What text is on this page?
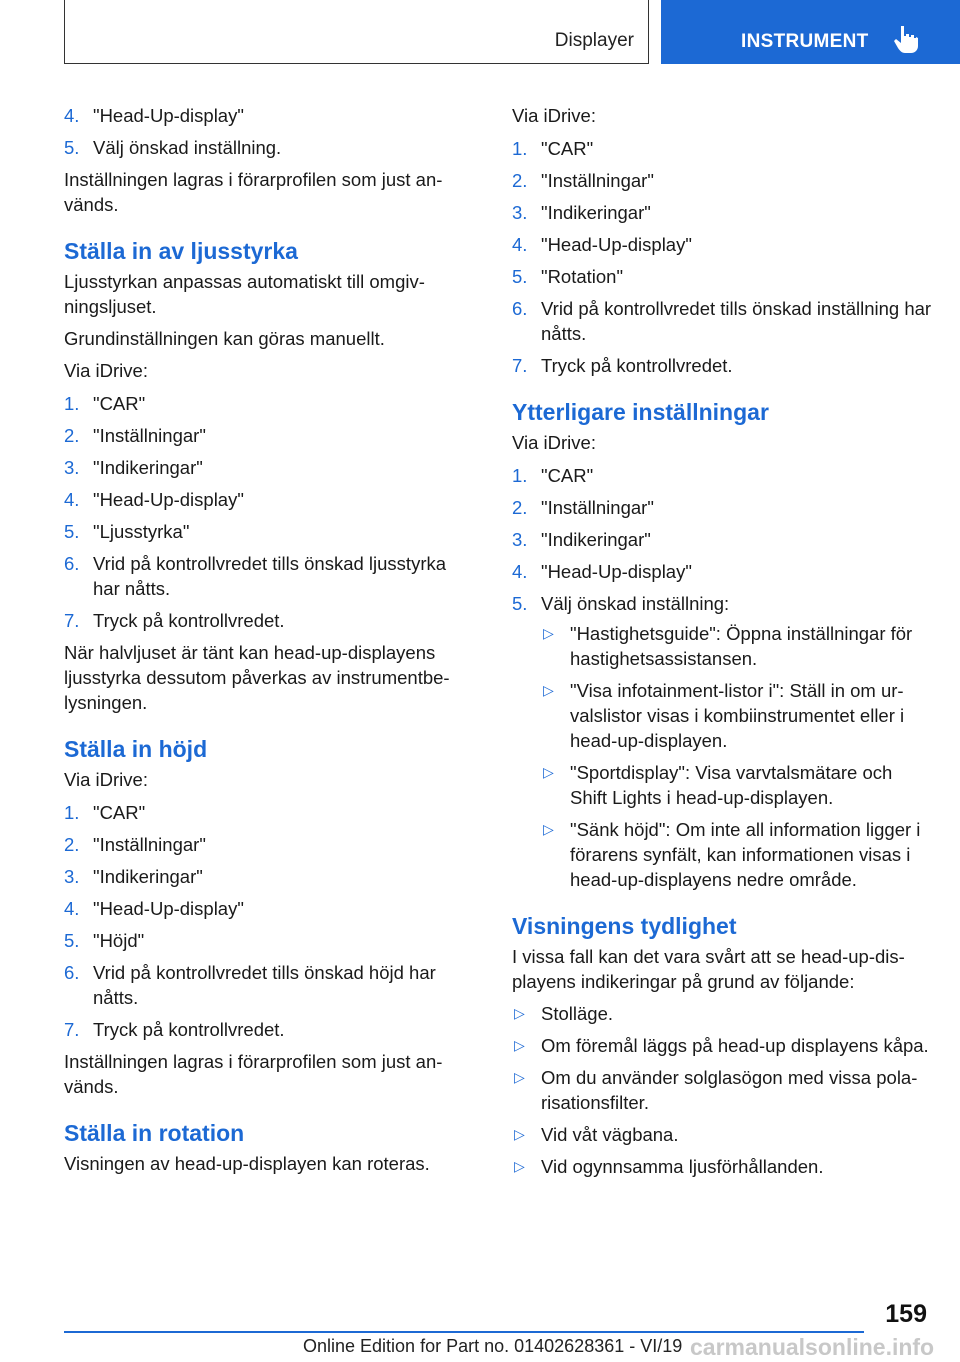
Displayer	INSTRUMENT
4. "Head-Up-display"
5. Välj önskad inställning.

Inställningen lagras i förarprofilen som just används.

Ställa in av ljusstyrka

Ljusstyrkan anpassas automatiskt till omgivningsljuset.

Grundinställningen kan göras manuellt.

Via iDrive:

1. "CAR"
2. "Inställningar"
3. "Indikeringar"
4. "Head-Up-display"
5. "Ljusstyrka"
6. Vrid på kontrollvredet tills önskad ljusstyrka har nåtts.
7. Tryck på kontrollvredet.

När halvljuset är tänt kan head-up-displayens ljusstyrka dessutom påverkas av instrumentbelysningen.

Ställa in höjd

Via iDrive:

1. "CAR"
2. "Inställningar"
3. "Indikeringar"
4. "Head-Up-display"
5. "Höjd"
6. Vrid på kontrollvredet tills önskad höjd har nåtts.
7. Tryck på kontrollvredet.

Inställningen lagras i förarprofilen som just används.

Ställa in rotation

Visningen av head-up-displayen kan roteras.

Via iDrive:

1. "CAR"
2. "Inställningar"
3. "Indikeringar"
4. "Head-Up-display"
5. "Rotation"
6. Vrid på kontrollvredet tills önskad inställning har nåtts.
7. Tryck på kontrollvredet.
Ytterligare inställningar

Via iDrive:

1. "CAR"
2. "Inställningar"
3. "Indikeringar"
4. "Head-Up-display"
5. Välj önskad inställning:
▷ "Hastighetsguide": Öppna inställningar för hastighetsassistansen.
▷ "Visa infotainment-listor i": Ställ in om urvalslistor visas i kombiinstrumentet eller i head-up-displayen.
▷ "Sportdisplay": Visa varvtalsmätare och Shift Lights i head-up-displayen.
▷ "Sänk höjd": Om inte all information ligger i förarens synfält, kan informationen visas i head-up-displayens nedre område.
Visningens tydlighet

I vissa fall kan det vara svårt att se head-up-displayens indikeringar på grund av följande:

▷ Stolläge.
▷ Om föremål läggs på head-up displayens kåpa.
▷ Om du använder solglasögon med vissa polarisationsfilter.
▷ Vid våt vägbana.
▷ Vid ogynnsamma ljusförhållanden.
159
Online Edition for Part no. 01402628361 - VI/19 carmanualsonline.info
